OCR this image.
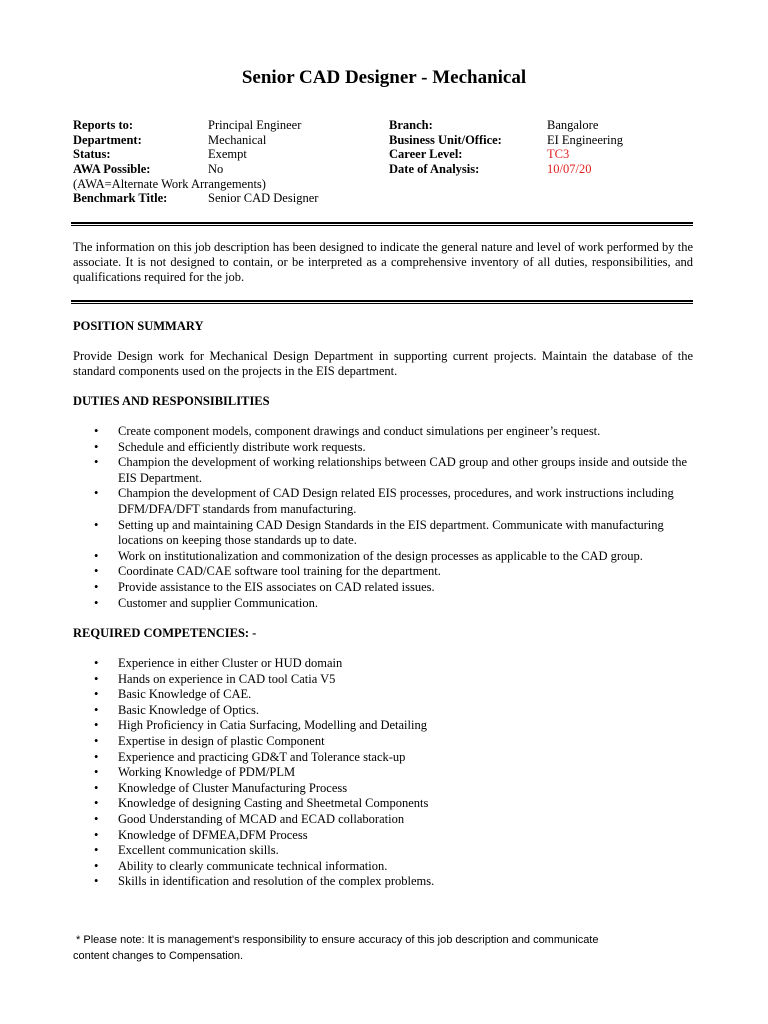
Senior CAD Designer - Mechanical
Reports to:	Principal Engineer
Department:	Mechanical
Status:	Exempt
AWA Possible:	No
(AWA=Alternate Work Arrangements)
Benchmark Title:	Senior CAD Designer
Branch:	Bangalore
Business Unit/Office:	EI Engineering
Career Level:	TC3
Date of Analysis:	10/07/20
The information on this job description has been designed to indicate the general nature and level of work performed by the associate. It is not designed to contain, or be interpreted as a comprehensive inventory of all duties, responsibilities, and qualifications required for the job.
POSITION SUMMARY
Provide Design work for Mechanical Design Department in supporting current projects. Maintain the database of the standard components used on the projects in the EIS department.
DUTIES AND RESPONSIBILITIES
• Create component models, component drawings and conduct simulations per engineer’s request.
• Schedule and efficiently distribute work requests.
• Champion the development of working relationships between CAD group and other groups inside and outside the EIS Department.
• Champion the development of CAD Design related EIS processes, procedures, and work instructions including DFM/DFA/DFT standards from manufacturing.
• Setting up and maintaining CAD Design Standards in the EIS department. Communicate with manufacturing locations on keeping those standards up to date.
• Work on institutionalization and commonization of the design processes as applicable to the CAD group.
• Coordinate CAD/CAE software tool training for the department.
• Provide assistance to the EIS associates on CAD related issues.
• Customer and supplier Communication.
REQUIRED COMPETENCIES: -
• Experience in either Cluster or HUD domain
• Hands on experience in CAD tool Catia V5
• Basic Knowledge of CAE.
• Basic Knowledge of Optics.
• High Proficiency in Catia Surfacing, Modelling and Detailing
• Expertise in design of plastic Component
• Experience and practicing GD&T and Tolerance stack-up
• Working Knowledge of PDM/PLM
• Knowledge of Cluster Manufacturing Process
• Knowledge of designing Casting and Sheetmetal Components
• Good Understanding of MCAD and ECAD collaboration
• Knowledge of DFMEA,DFM Process
• Excellent communication skills.
• Ability to clearly communicate technical information.
• Skills in identification and resolution of the complex problems.
* Please note: It is management's responsibility to ensure accuracy of this job description and communicate
content changes to Compensation.
